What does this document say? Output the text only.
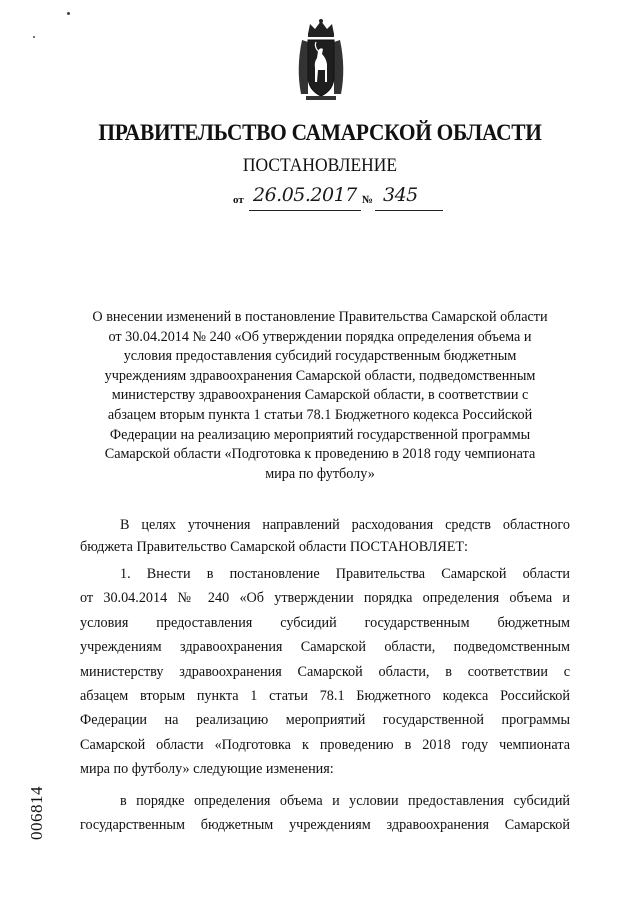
ПРАВИТЕЛЬСТВО САМАРСКОЙ ОБЛАСТИ
ПОСТАНОВЛЕНИЕ
от 26.05.2017 № 345
О внесении изменений в постановление Правительства Самарской области
от 30.04.2014 № 240 «Об утверждении порядка определения объема и
условия предоставления субсидий государственным бюджетным
учреждениям здравоохранения Самарской области, подведомственным
министерству здравоохранения Самарской области, в соответствии с
абзацем вторым пункта 1 статьи 78.1 Бюджетного кодекса Российской
Федерации на реализацию мероприятий государственной программы
Самарской области «Подготовка к проведению в 2018 году чемпионата
мира по футболу»
В целях уточнения направлений расходования средств областного
бюджета Правительство Самарской области ПОСТАНОВЛЯЕТ:
1. Внести в постановление Правительства Самарской области
от 30.04.2014 № 240 «Об утверждении порядка определения объема и
условия предоставления субсидий государственным бюджетным
учреждениям здравоохранения Самарской области, подведомственным
министерству здравоохранения Самарской области, в соответствии с
абзацем вторым пункта 1 статьи 78.1 Бюджетного кодекса Российской
Федерации на реализацию мероприятий государственной программы
Самарской области «Подготовка к проведению в 2018 году чемпионата
мира по футболу» следующие изменения:
в порядке определения объема и условии предоставления субсидий
государственным бюджетным учреждениям здравоохранения Самарской
006814
